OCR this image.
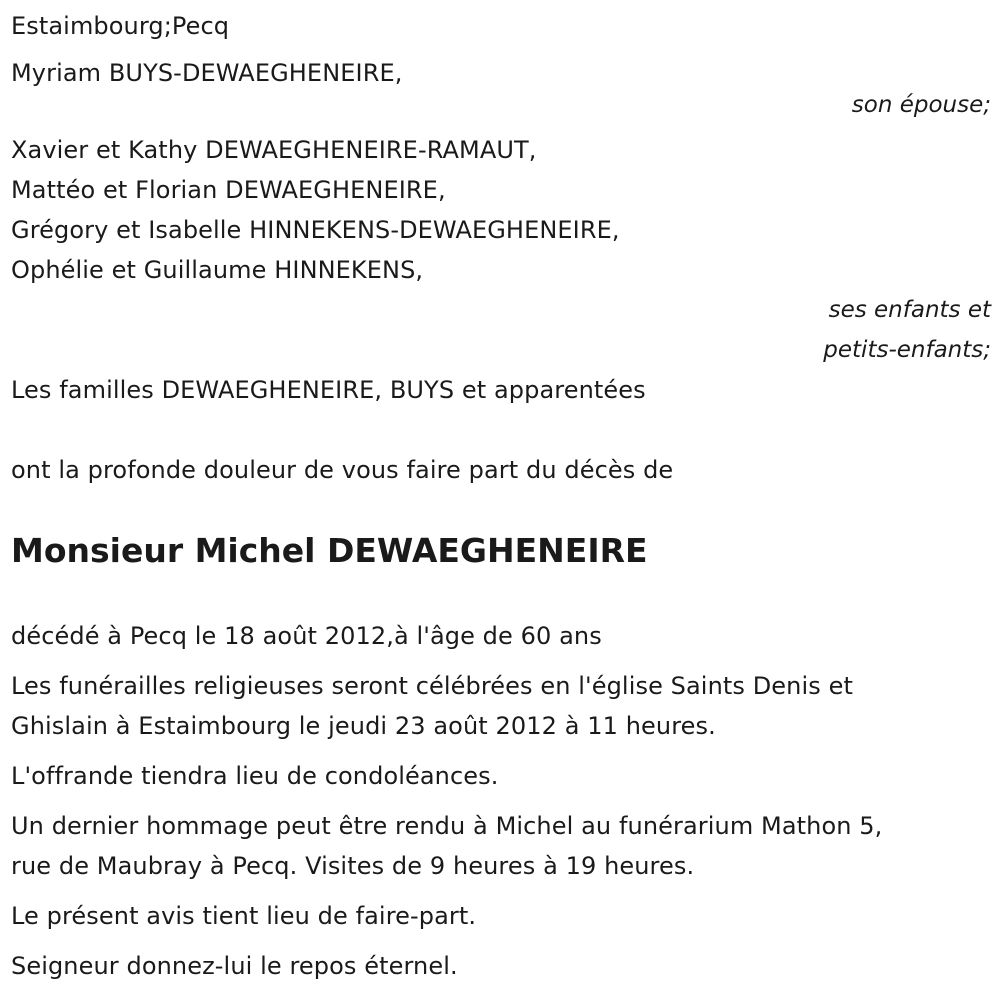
Estaimbourg;Pecq
Myriam BUYS-DEWAEGHENEIRE,
son épouse;
Xavier et Kathy DEWAEGHENEIRE-RAMAUT,
Mattéo et Florian DEWAEGHENEIRE,
Grégory et Isabelle HINNEKENS-DEWAEGHENEIRE,
Ophélie et Guillaume HINNEKENS,
ses enfants et
petits-enfants;
Les familles DEWAEGHENEIRE, BUYS et apparentées
ont la profonde douleur de vous faire part du décès de
Monsieur Michel DEWAEGHENEIRE
décédé à Pecq le 18 août 2012,à l'âge de 60 ans
Les funérailles religieuses seront célébrées en l'église Saints Denis et
Ghislain à Estaimbourg le jeudi 23 août 2012 à 11 heures.
L'offrande tiendra lieu de condoléances.
Un dernier hommage peut être rendu à Michel au funérarium Mathon 5,
rue de Maubray à Pecq. Visites de 9 heures à 19 heures.
Le présent avis tient lieu de faire-part.
Seigneur donnez-lui le repos éternel.
